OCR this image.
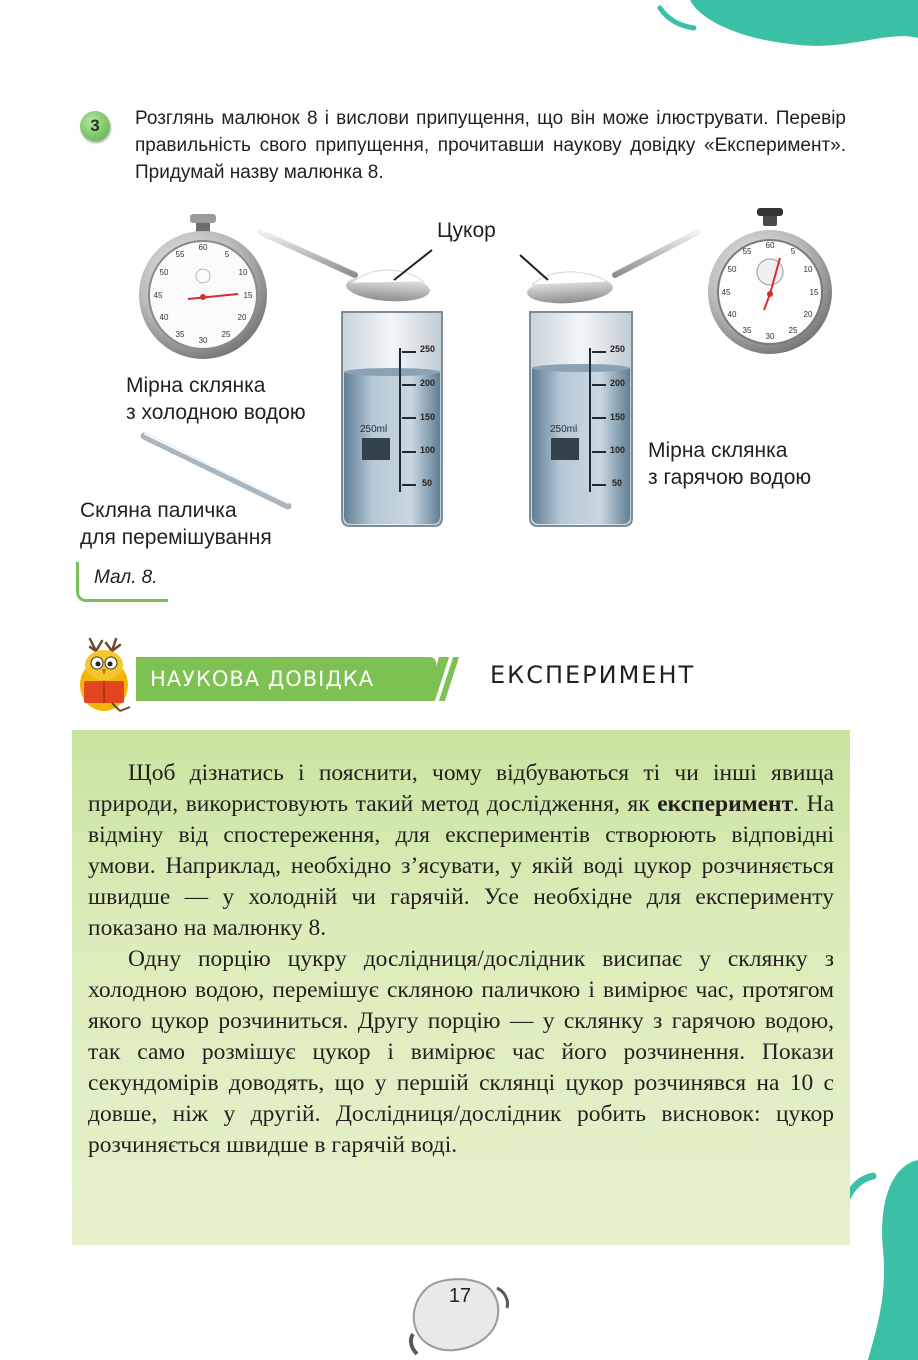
3	Розглянь малюнок 8 і вислови припущення, що він може ілюструвати. Перевір правильність свого припущення, прочитавши наукову довідку «Експеримент». Придумай назву малюнка 8.
60
5
10
15
20
25
30
35
40
45
50
55
60
5
10
15
20
25
30
35
40
45
50
55
250ml	250ml
250
200
150
100
50
250
200
150
100
50
Цукор
Мірна склянка
з холодною водою
Мірна склянка
з гарячою водою
Скляна паличка
для перемішування
Мал. 8.
НАУКОВА ДОВІДКА	ЕКСПЕРИМЕНТ

Щоб дізнатись і пояснити, чому відбуваються ті чи інші явища природи, використовують такий метод дослідження, як експеримент. На відміну від спостереження, для експериментів створюють відповідні умови. Наприклад, необхідно з’ясувати, у якій воді цукор розчиняється швидше — у холодній чи гарячій. Усе необхідне для експерименту показано на малюнку 8.

Одну порцію цукру дослідниця/дослідник висипає у склянку з холодною водою, перемішує скляною паличкою і вимірює час, протягом якого цукор розчиниться. Другу порцію — у склянку з гарячою водою, так само розмішує цукор і вимірює час його розчинення. Покази секундомірів доводять, що у першій склянці цукор розчинявся на 10 с довше, ніж у другій. Дослідниця/дослідник робить висновок: цукор розчиняється швидше в гарячій воді.

17
